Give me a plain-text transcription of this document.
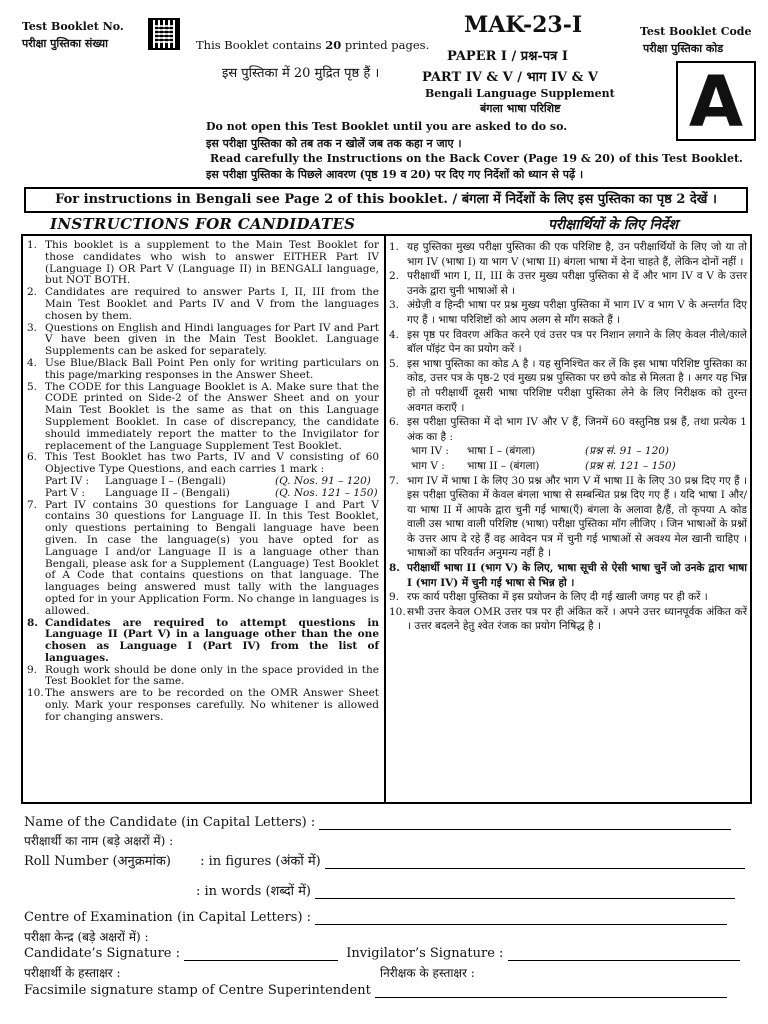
Test Booklet No.
परीक्षा पुस्तिका संख्या	This Booklet contains 20 printed pages.
इस पुस्तिका में 20 मुद्रित पृष्ठ हैं ।
MAK-23-I
PAPER I / प्रश्न-पत्र I
PART IV & V / भाग IV & V
Bengali Language Supplement
बंगला भाषा परिशिष्ट
Test Booklet Code
परीक्षा पुस्तिका कोड
A
Do not open this Test Booklet until you are asked to do so.
इस परीक्षा पुस्तिका को तब तक न खोलें जब तक कहा न जाए ।
Read carefully the Instructions on the Back Cover (Page 19 & 20) of this Test Booklet.
इस परीक्षा पुस्तिका के पिछले आवरण (पृष्ठ 19 व 20) पर दिए गए निर्देशों को ध्यान से पढ़ें ।
For instructions in Bengali see Page 2 of this booklet. / बंगला में निर्देशों के लिए इस पुस्तिका का पृष्ठ 2 देखें ।
INSTRUCTIONS FOR CANDIDATES	परीक्षार्थियों के लिए निर्देश
1. This booklet is a supplement to the Main Test Booklet for those candidates who wish to answer EITHER Part IV (Language I) OR Part V (Language II) in BENGALI language, but NOT BOTH.
2. Candidates are required to answer Parts I, II, III from the Main Test Booklet and Parts IV and V from the languages chosen by them.
3. Questions on English and Hindi languages for Part IV and Part V have been given in the Main Test Booklet. Language Supplements can be asked for separately.
4. Use Blue/Black Ball Point Pen only for writing particulars on this page/marking responses in the Answer Sheet.
5. The CODE for this Language Booklet is A. Make sure that the CODE printed on Side-2 of the Answer Sheet and on your Main Test Booklet is the same as that on this Language Supplement Booklet. In case of discrepancy, the candidate should immediately report the matter to the Invigilator for replacement of the Language Supplement Test Booklet.
6. This Test Booklet has two Parts, IV and V consisting of 60 Objective Type Questions, and each carries 1 mark :
Part IV :	Language I – (Bengali)	(Q. Nos. 91 – 120)
Part V :	Language II – (Bengali)	(Q. Nos. 121 – 150)
7. Part IV contains 30 questions for Language I and Part V contains 30 questions for Language II. In this Test Booklet, only questions pertaining to Bengali language have been given. In case the language(s) you have opted for as Language I and/or Language II is a language other than Bengali, please ask for a Supplement (Language) Test Booklet of A Code that contains questions on that language. The languages being answered must tally with the languages opted for in your Application Form. No change in languages is allowed.
8. Candidates are required to attempt questions in Language II (Part V) in a language other than the one chosen as Language I (Part IV) from the list of languages.
9. Rough work should be done only in the space provided in the Test Booklet for the same.
10. The answers are to be recorded on the OMR Answer Sheet only. Mark your responses carefully. No whitener is allowed for changing answers.
1. यह पुस्तिका मुख्य परीक्षा पुस्तिका की एक परिशिष्ट है, उन परीक्षार्थियों के लिए जो या तो भाग IV (भाषा I) या भाग V (भाषा II) बंगला भाषा में देना चाहते हैं, लेकिन दोनों नहीं ।
2. परीक्षार्थी भाग I, II, III के उत्तर मुख्य परीक्षा पुस्तिका से दें और भाग IV व V के उत्तर उनके द्वारा चुनी भाषाओं से ।
3. अंग्रेज़ी व हिन्दी भाषा पर प्रश्न मुख्य परीक्षा पुस्तिका में भाग IV व भाग V के अन्तर्गत दिए गए हैं । भाषा परिशिष्टों को आप अलग से माँग सकते हैं ।
4. इस पृष्ठ पर विवरण अंकित करने एवं उत्तर पत्र पर निशान लगाने के लिए केवल नीले/काले बॉल पॉइंट पेन का प्रयोग करें ।
5. इस भाषा पुस्तिका का कोड A है । यह सुनिश्चित कर लें कि इस भाषा परिशिष्ट पुस्तिका का कोड, उत्तर पत्र के पृष्ठ-2 एवं मुख्य प्रश्न पुस्तिका पर छपे कोड से मिलता है । अगर यह भिन्न हो तो परीक्षार्थी दूसरी भाषा परिशिष्ट परीक्षा पुस्तिका लेने के लिए निरीक्षक को तुरन्त अवगत कराएँ ।
6. इस परीक्षा पुस्तिका में दो भाग IV और V हैं, जिनमें 60 वस्तुनिष्ठ प्रश्न हैं, तथा प्रत्येक 1 अंक का है :
भाग IV :	भाषा I – (बंगला)	(प्रश्न सं. 91 – 120)
भाग V :	भाषा II – (बंगला)	(प्रश्न सं. 121 – 150)
7. भाग IV में भाषा I के लिए 30 प्रश्न और भाग V में भाषा II के लिए 30 प्रश्न दिए गए हैं । इस परीक्षा पुस्तिका में केवल बंगला भाषा से सम्बन्धित प्रश्न दिए गए हैं । यदि भाषा I और/या भाषा II में आपके द्वारा चुनी गई भाषा(एँ) बंगला के अलावा है/हैं, तो कृपया A कोड वाली उस भाषा वाली परिशिष्ट (भाषा) परीक्षा पुस्तिका माँग लीजिए । जिन भाषाओं के प्रश्नों के उत्तर आप दे रहे हैं वह आवेदन पत्र में चुनी गई भाषाओं से अवश्य मेल खानी चाहिए । भाषाओं का परिवर्तन अनुमन्य नहीं है ।
8. परीक्षार्थी भाषा II (भाग V) के लिए, भाषा सूची से ऐसी भाषा चुनें जो उनके द्वारा भाषा I (भाग IV) में चुनी गई भाषा से भिन्न हो ।
9. रफ कार्य परीक्षा पुस्तिका में इस प्रयोजन के लिए दी गई खाली जगह पर ही करें ।
10. सभी उत्तर केवल OMR उत्तर पत्र पर ही अंकित करें । अपने उत्तर ध्यानपूर्वक अंकित करें । उत्तर बदलने हेतु श्वेत रंजक का प्रयोग निषिद्ध है ।
Name of the Candidate (in Capital Letters) :
परीक्षार्थी का नाम (बड़े अक्षरों में) :
Roll Number (अनुक्रमांक) : in figures (अंकों में)
: in words (शब्दों में)
Centre of Examination (in Capital Letters) :
परीक्षा केन्द्र (बड़े अक्षरों में) :
Candidate’s Signature :	Invigilator’s Signature :
परीक्षार्थी के हस्ताक्षर :	निरीक्षक के हस्ताक्षर :
Facsimile signature stamp of Centre Superintendent
